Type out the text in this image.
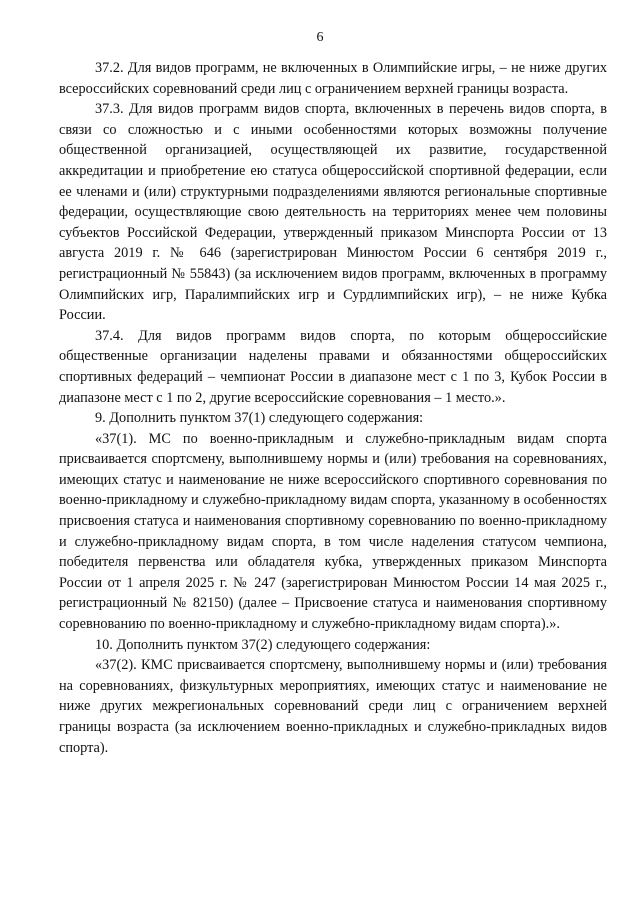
6

37.2. Для видов программ, не включенных в Олимпийские игры, – не ниже других всероссийских соревнований среди лиц с ограничением верхней границы возраста.

37.3. Для видов программ видов спорта, включенных в перечень видов спорта, в связи со сложностью и с иными особенностями которых возможны получение общественной организацией, осуществляющей их развитие, государственной аккредитации и приобретение ею статуса общероссийской спортивной федерации, если ее членами и (или) структурными подразделениями являются региональные спортивные федерации, осуществляющие свою деятельность на территориях менее чем половины субъектов Российской Федерации, утвержденный приказом Минспорта России от 13 августа 2019 г. № 646 (зарегистрирован Минюстом России 6 сентября 2019 г., регистрационный № 55843) (за исключением видов программ, включенных в программу Олимпийских игр, Паралимпийских игр и Сурдлимпийских игр), – не ниже Кубка России.

37.4. Для видов программ видов спорта, по которым общероссийские общественные организации наделены правами и обязанностями общероссийских спортивных федераций – чемпионат России в диапазоне мест с 1 по 3, Кубок России в диапазоне мест с 1 по 2, другие всероссийские соревнования – 1 место.».

9. Дополнить пунктом 37(1) следующего содержания:

«37(1). МС по военно-прикладным и служебно-прикладным видам спорта присваивается спортсмену, выполнившему нормы и (или) требования на соревнованиях, имеющих статус и наименование не ниже всероссийского спортивного соревнования по военно-прикладному и служебно-прикладному видам спорта, указанному в особенностях присвоения статуса и наименования спортивному соревнованию по военно-прикладному и служебно-прикладному видам спорта, в том числе наделения статусом чемпиона, победителя первенства или обладателя кубка, утвержденных приказом Минспорта России от 1 апреля 2025 г. № 247 (зарегистрирован Минюстом России 14 мая 2025 г., регистрационный № 82150) (далее – Присвоение статуса и наименования спортивному соревнованию по военно-прикладному и служебно-прикладному видам спорта).».

10. Дополнить пунктом 37(2) следующего содержания:

«37(2). КМС присваивается спортсмену, выполнившему нормы и (или) требования на соревнованиях, физкультурных мероприятиях, имеющих статус и наименование не ниже других межрегиональных соревнований среди лиц с ограничением верхней границы возраста (за исключением военно-прикладных и служебно-прикладных видов спорта).
